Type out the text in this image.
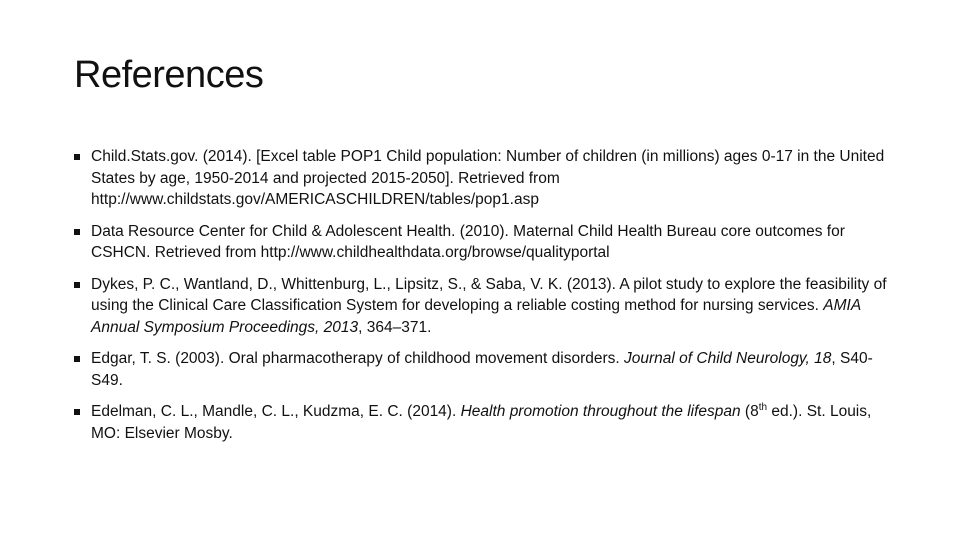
References
Child.Stats.gov. (2014). [Excel table POP1 Child population: Number of children (in millions) ages 0-17 in the United States by age, 1950-2014 and projected 2015-2050]. Retrieved from http://www.childstats.gov/AMERICASCHILDREN/tables/pop1.asp
Data Resource Center for Child & Adolescent Health. (2010). Maternal Child Health Bureau core outcomes for CSHCN. Retrieved from http://www.childhealthdata.org/browse/qualityportal
Dykes, P. C., Wantland, D., Whittenburg, L., Lipsitz, S., & Saba, V. K. (2013). A pilot study to explore the feasibility of using the Clinical Care Classification System for developing a reliable costing method for nursing services. AMIA Annual Symposium Proceedings, 2013, 364–371.
Edgar, T. S. (2003). Oral pharmacotherapy of childhood movement disorders. Journal of Child Neurology, 18, S40-S49.
Edelman, C. L., Mandle, C. L., Kudzma, E. C. (2014). Health promotion throughout the lifespan (8th ed.). St. Louis, MO: Elsevier Mosby.
